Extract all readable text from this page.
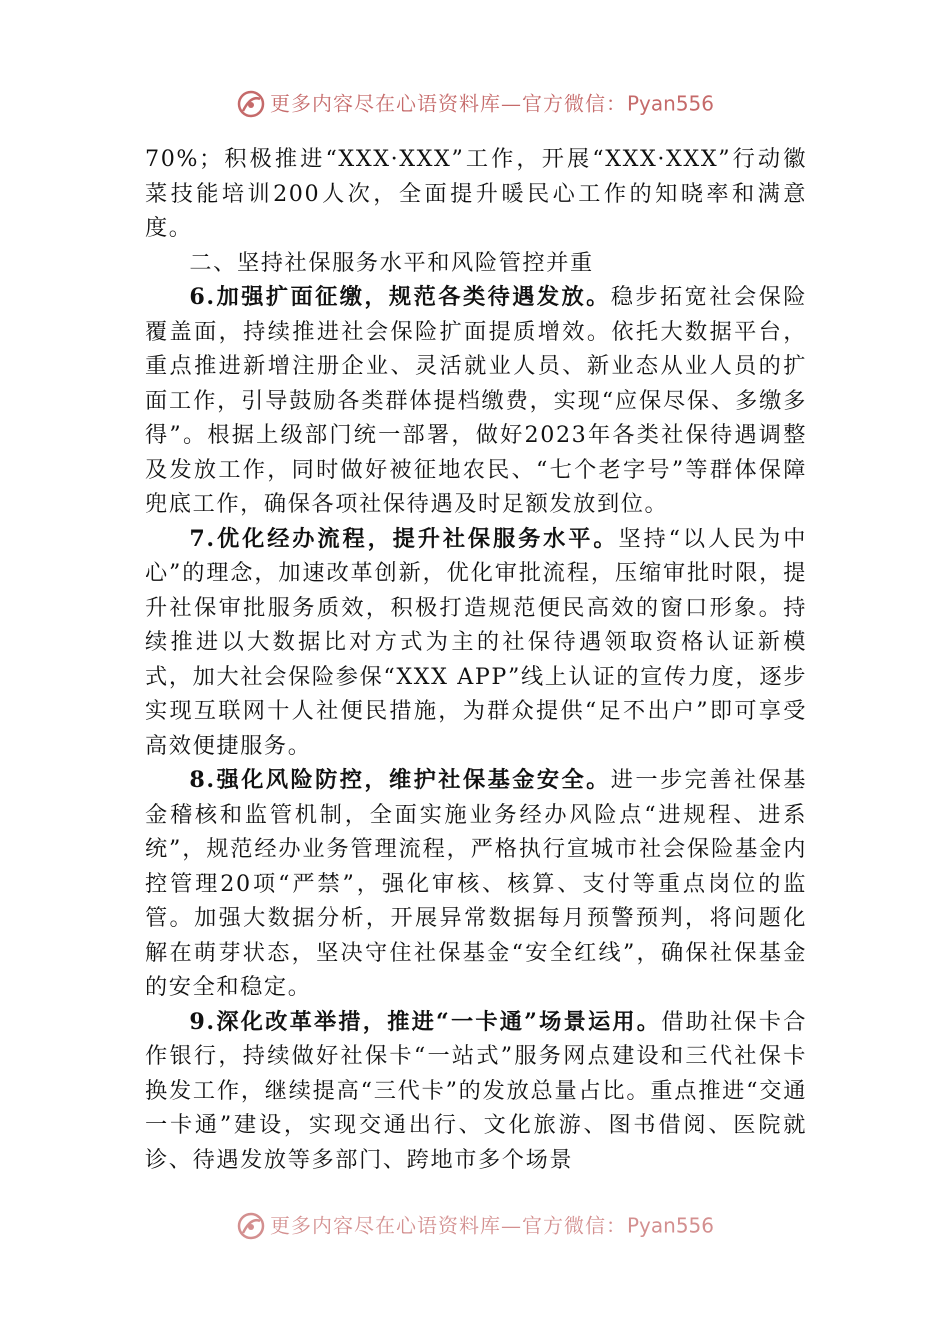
更多内容尽在心语资料库—官方微信：Pyan556

70%；积极推进“XXX·XXX”工作，开展“XXX·XXX”行动徽菜技能培训200人次，全面提升暖民心工作的知晓率和满意度。

二、坚持社保服务水平和风险管控并重

6.加强扩面征缴，规范各类待遇发放。稳步拓宽社会保险覆盖面，持续推进社会保险扩面提质增效。依托大数据平台，重点推进新增注册企业、灵活就业人员、新业态从业人员的扩面工作，引导鼓励各类群体提档缴费，实现“应保尽保、多缴多得”。根据上级部门统一部署，做好2023年各类社保待遇调整及发放工作，同时做好被征地农民、“七个老字号”等群体保障兜底工作，确保各项社保待遇及时足额发放到位。

7.优化经办流程，提升社保服务水平。坚持“以人民为中心”的理念，加速改革创新，优化审批流程，压缩审批时限，提升社保审批服务质效，积极打造规范便民高效的窗口形象。持续推进以大数据比对方式为主的社保待遇领取资格认证新模式，加大社会保险参保“XXX APP”线上认证的宣传力度，逐步实现互联网十人社便民措施，为群众提供“足不出户”即可享受高效便捷服务。

8.强化风险防控，维护社保基金安全。进一步完善社保基金稽核和监管机制，全面实施业务经办风险点“进规程、进系统”，规范经办业务管理流程，严格执行宣城市社会保险基金内控管理20项“严禁”，强化审核、核算、支付等重点岗位的监管。加强大数据分析，开展异常数据每月预警预判，将问题化解在萌芽状态，坚决守住社保基金“安全红线”，确保社保基金的安全和稳定。

9.深化改革举措，推进“一卡通”场景运用。借助社保卡合作银行，持续做好社保卡“一站式”服务网点建设和三代社保卡换发工作，继续提高“三代卡”的发放总量占比。重点推进“交通一卡通”建设，实现交通出行、文化旅游、图书借阅、医院就诊、待遇发放等多部门、跨地市多个场景

更多内容尽在心语资料库—官方微信：Pyan556
